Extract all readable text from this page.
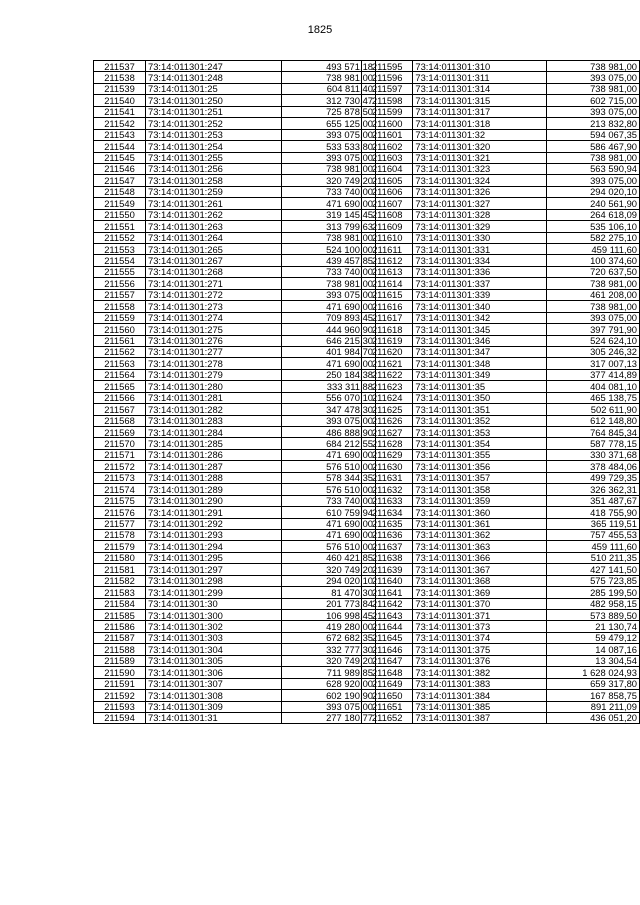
1825
211537	73:14:011301:247	493 571,18
211538	73:14:011301:248	738 981,00
211539	73:14:011301:25	604 811,40
211540	73:14:011301:250	312 730,47
211541	73:14:011301:251	725 878,50
211542	73:14:011301:252	655 125,00
211543	73:14:011301:253	393 075,00
211544	73:14:011301:254	533 533,80
211545	73:14:011301:255	393 075,00
211546	73:14:011301:256	738 981,00
211547	73:14:011301:258	320 749,20
211548	73:14:011301:259	733 740,00
211549	73:14:011301:261	471 690,00
211550	73:14:011301:262	319 145,45
211551	73:14:011301:263	313 799,63
211552	73:14:011301:264	738 981,00
211553	73:14:011301:265	524 100,00
211554	73:14:011301:267	439 457,85
211555	73:14:011301:268	733 740,00
211556	73:14:011301:271	738 981,00
211557	73:14:011301:272	393 075,00
211558	73:14:011301:273	471 690,00
211559	73:14:011301:274	709 893,45
211560	73:14:011301:275	444 960,90
211561	73:14:011301:276	646 215,30
211562	73:14:011301:277	401 984,70
211563	73:14:011301:278	471 690,00
211564	73:14:011301:279	250 184,38
211565	73:14:011301:280	333 311,88
211566	73:14:011301:281	556 070,10
211567	73:14:011301:282	347 478,30
211568	73:14:011301:283	393 075,00
211569	73:14:011301:284	486 888,90
211570	73:14:011301:285	684 212,55
211571	73:14:011301:286	471 690,00
211572	73:14:011301:287	576 510,00
211573	73:14:011301:288	578 344,35
211574	73:14:011301:289	576 510,00
211575	73:14:011301:290	733 740,00
211576	73:14:011301:291	610 759,94
211577	73:14:011301:292	471 690,00
211578	73:14:011301:293	471 690,00
211579	73:14:011301:294	576 510,00
211580	73:14:011301:295	460 421,85
211581	73:14:011301:297	320 749,20
211582	73:14:011301:298	294 020,10
211583	73:14:011301:299	81 470,30
211584	73:14:011301:30	201 773,84
211585	73:14:011301:300	106 998,45
211586	73:14:011301:302	419 280,00
211587	73:14:011301:303	672 682,35
211588	73:14:011301:304	332 777,30
211589	73:14:011301:305	320 749,20
211590	73:14:011301:306	711 989,85
211591	73:14:011301:307	628 920,00
211592	73:14:011301:308	602 190,90
211593	73:14:011301:309	393 075,00
211594	73:14:011301:31	277 180,77
211595	73:14:011301:310	738 981,00
211596	73:14:011301:311	393 075,00
211597	73:14:011301:314	738 981,00
211598	73:14:011301:315	602 715,00
211599	73:14:011301:317	393 075,00
211600	73:14:011301:318	213 832,80
211601	73:14:011301:32	594 067,35
211602	73:14:011301:320	586 467,90
211603	73:14:011301:321	738 981,00
211604	73:14:011301:323	563 590,94
211605	73:14:011301:324	393 075,00
211606	73:14:011301:326	294 020,10
211607	73:14:011301:327	240 561,90
211608	73:14:011301:328	264 618,09
211609	73:14:011301:329	535 106,10
211610	73:14:011301:330	582 275,10
211611	73:14:011301:331	459 111,60
211612	73:14:011301:334	100 374,60
211613	73:14:011301:336	720 637,50
211614	73:14:011301:337	738 981,00
211615	73:14:011301:339	461 208,00
211616	73:14:011301:340	738 981,00
211617	73:14:011301:342	393 075,00
211618	73:14:011301:345	397 791,90
211619	73:14:011301:346	524 624,10
211620	73:14:011301:347	305 246,32
211621	73:14:011301:348	317 007,13
211622	73:14:011301:349	377 414,89
211623	73:14:011301:35	404 081,10
211624	73:14:011301:350	465 138,75
211625	73:14:011301:351	502 611,90
211626	73:14:011301:352	612 148,80
211627	73:14:011301:353	764 845,34
211628	73:14:011301:354	587 778,15
211629	73:14:011301:355	330 371,68
211630	73:14:011301:356	378 484,06
211631	73:14:011301:357	499 729,35
211632	73:14:011301:358	326 362,31
211633	73:14:011301:359	351 487,67
211634	73:14:011301:360	418 755,90
211635	73:14:011301:361	365 119,51
211636	73:14:011301:362	757 455,53
211637	73:14:011301:363	459 111,60
211638	73:14:011301:366	510 211,35
211639	73:14:011301:367	427 141,50
211640	73:14:011301:368	575 723,85
211641	73:14:011301:369	285 199,50
211642	73:14:011301:370	482 958,15
211643	73:14:011301:371	573 889,50
211644	73:14:011301:373	21 130,74
211645	73:14:011301:374	59 479,12
211646	73:14:011301:375	14 087,16
211647	73:14:011301:376	13 304,54
211648	73:14:011301:382	1 628 024,93
211649	73:14:011301:383	659 317,80
211650	73:14:011301:384	167 858,75
211651	73:14:011301:385	891 211,09
211652	73:14:011301:387	436 051,20
